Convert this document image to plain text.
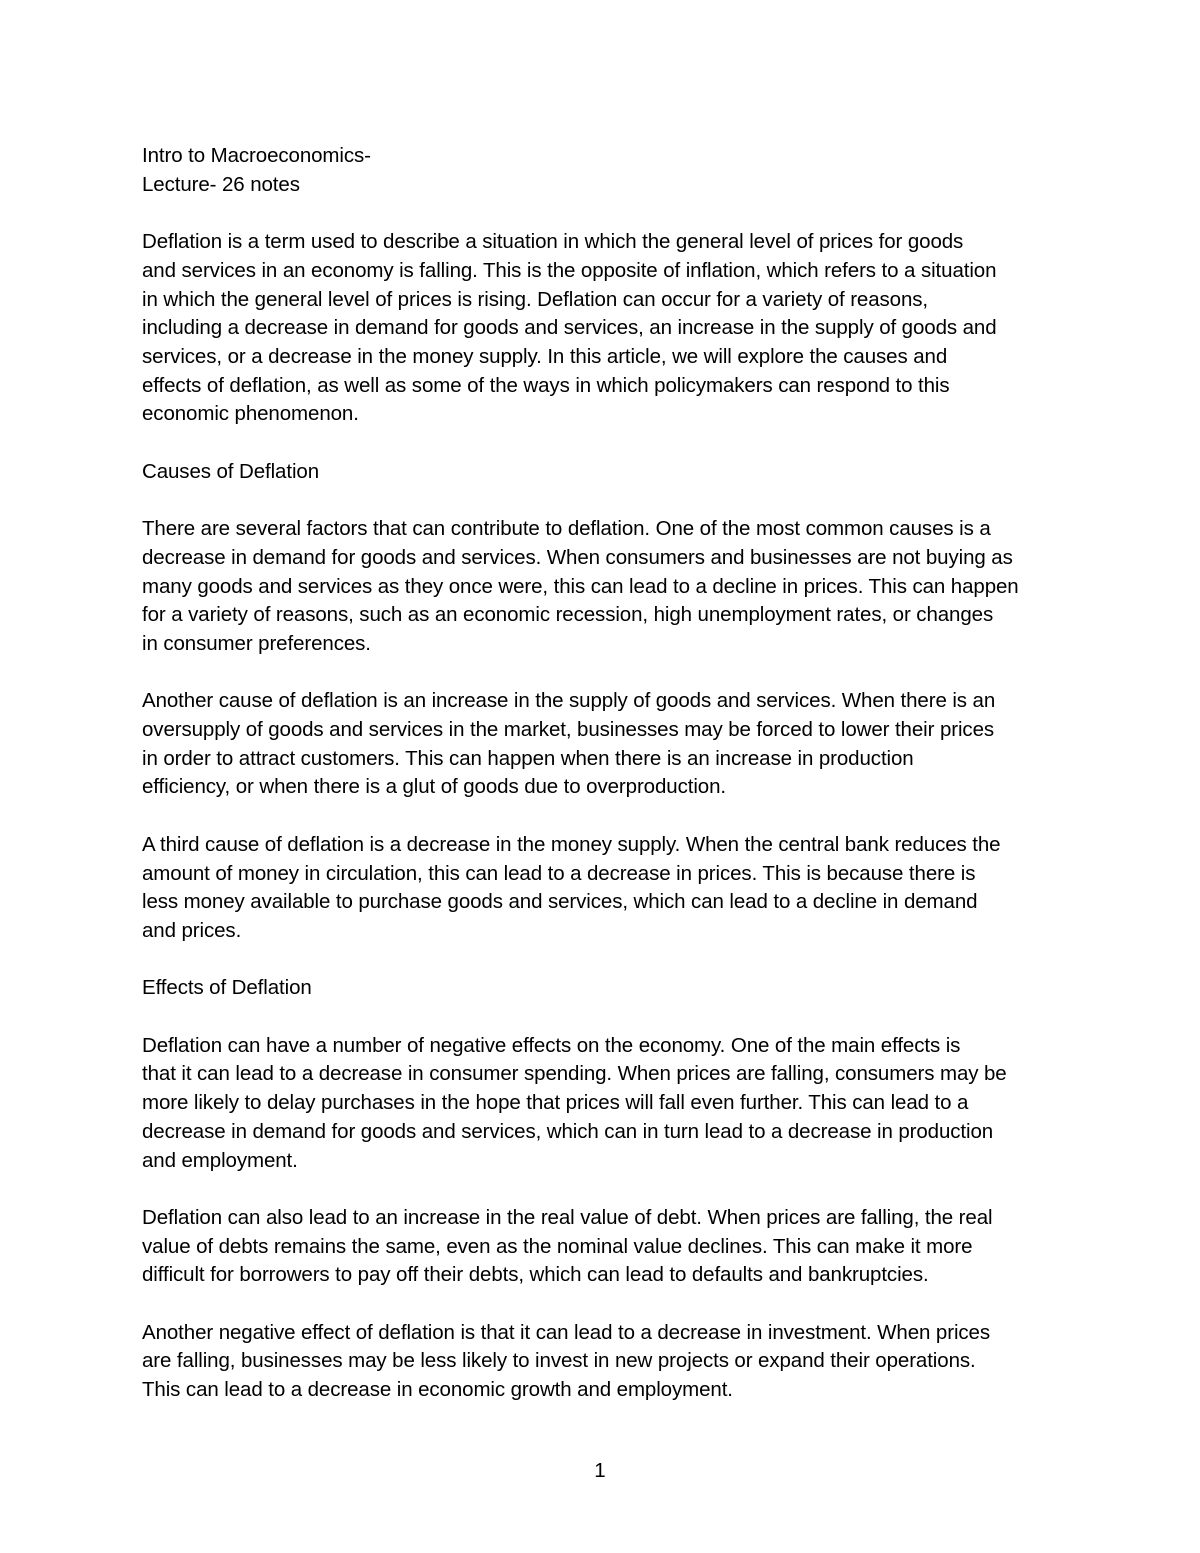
Intro to Macroeconomics-
Lecture- 26 notes
Deflation is a term used to describe a situation in which the general level of prices for goods
and services in an economy is falling. This is the opposite of inflation, which refers to a situation
in which the general level of prices is rising. Deflation can occur for a variety of reasons,
including a decrease in demand for goods and services, an increase in the supply of goods and
services, or a decrease in the money supply. In this article, we will explore the causes and
effects of deflation, as well as some of the ways in which policymakers can respond to this
economic phenomenon.
Causes of Deflation
There are several factors that can contribute to deflation. One of the most common causes is a
decrease in demand for goods and services. When consumers and businesses are not buying as
many goods and services as they once were, this can lead to a decline in prices. This can happen
for a variety of reasons, such as an economic recession, high unemployment rates, or changes
in consumer preferences.
Another cause of deflation is an increase in the supply of goods and services. When there is an
oversupply of goods and services in the market, businesses may be forced to lower their prices
in order to attract customers. This can happen when there is an increase in production
efficiency, or when there is a glut of goods due to overproduction.
A third cause of deflation is a decrease in the money supply. When the central bank reduces the
amount of money in circulation, this can lead to a decrease in prices. This is because there is
less money available to purchase goods and services, which can lead to a decline in demand
and prices.
Effects of Deflation
Deflation can have a number of negative effects on the economy. One of the main effects is
that it can lead to a decrease in consumer spending. When prices are falling, consumers may be
more likely to delay purchases in the hope that prices will fall even further. This can lead to a
decrease in demand for goods and services, which can in turn lead to a decrease in production
and employment.
Deflation can also lead to an increase in the real value of debt. When prices are falling, the real
value of debts remains the same, even as the nominal value declines. This can make it more
difficult for borrowers to pay off their debts, which can lead to defaults and bankruptcies.
Another negative effect of deflation is that it can lead to a decrease in investment. When prices
are falling, businesses may be less likely to invest in new projects or expand their operations.
This can lead to a decrease in economic growth and employment.
1
